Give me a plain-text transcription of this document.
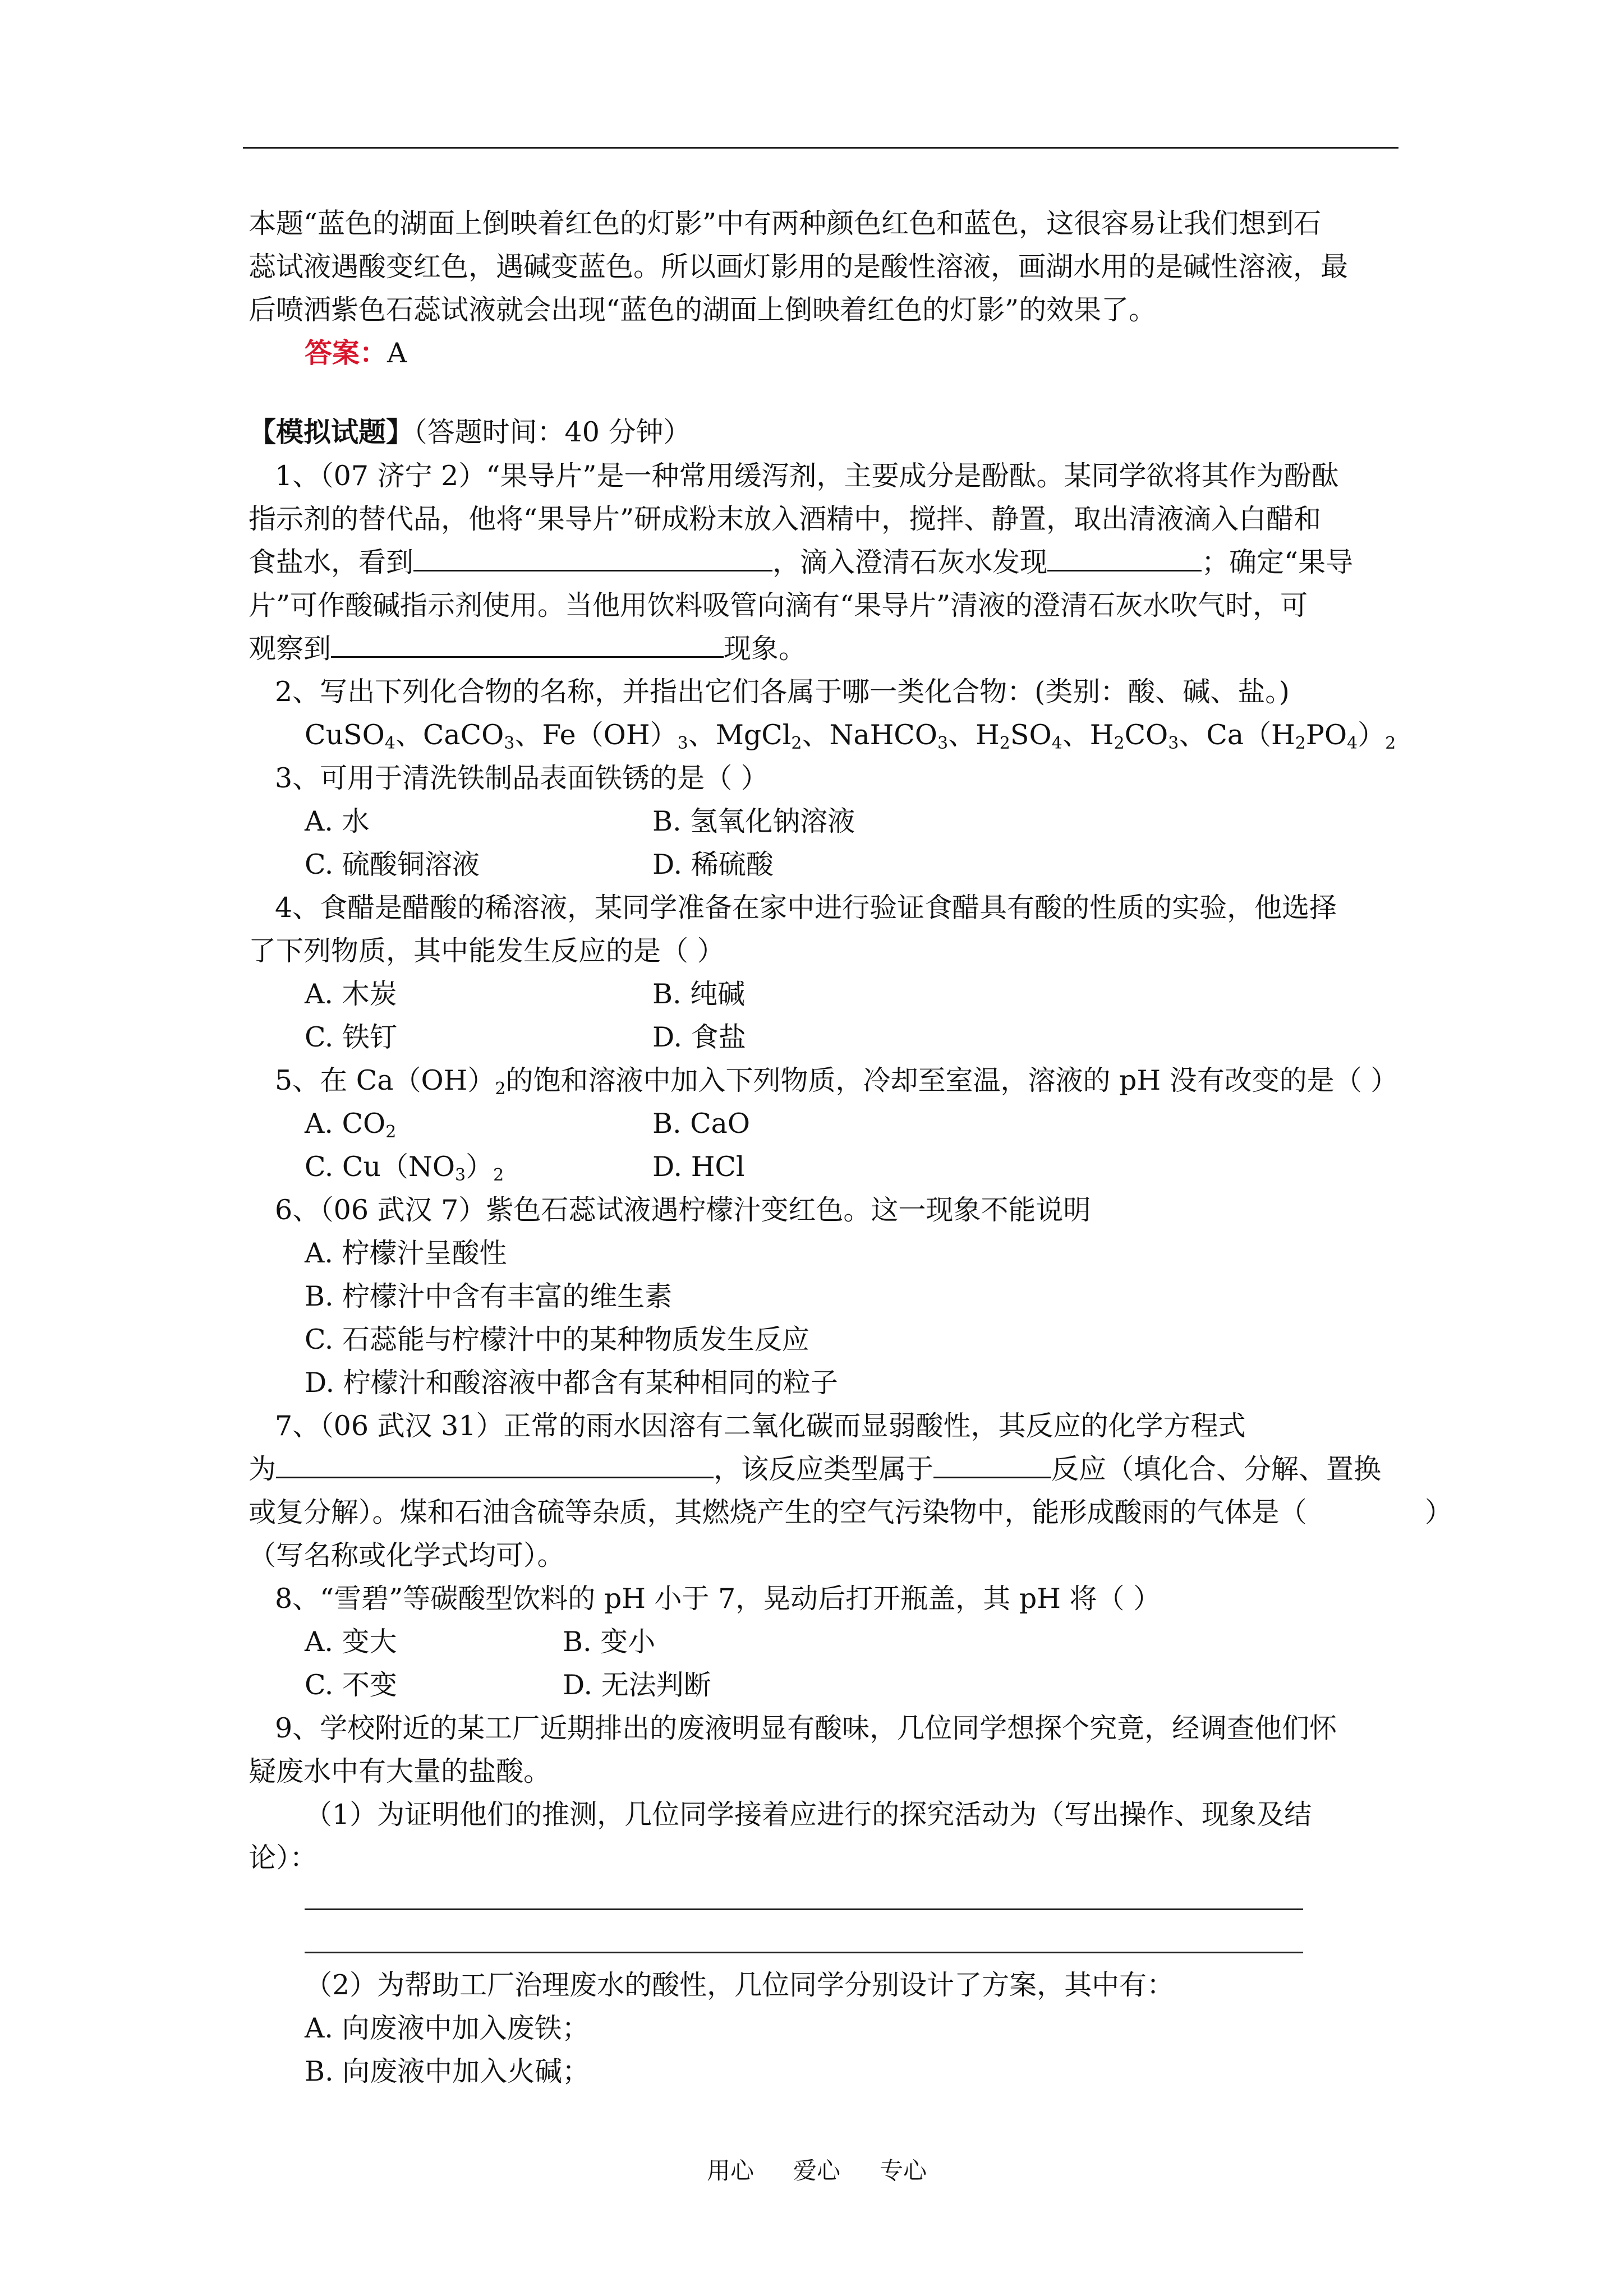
本题“蓝色的湖面上倒映着红色的灯影”中有两种颜色红色和蓝色，这很容易让我们想到石
蕊试液遇酸变红色，遇碱变蓝色。所以画灯影用的是酸性溶液，画湖水用的是碱性溶液，最
后喷洒紫色石蕊试液就会出现“蓝色的湖面上倒映着红色的灯影”的效果了。
答案：A
【模拟试题】（答题时间：40 分钟）
1、（07 济宁 2）“果导片”是一种常用缓泻剂，主要成分是酚酞。某同学欲将其作为酚酞
指示剂的替代品，他将“果导片”研成粉末放入酒精中，搅拌、静置，取出清液滴入白醋和
食盐水，看到	，滴入澄清石灰水发现	；确定“果导
片”可作酸碱指示剂使用。当他用饮料吸管向滴有“果导片”清液的澄清石灰水吹气时，可
观察到	现象。
2、写出下列化合物的名称，并指出它们各属于哪一类化合物：(类别：酸、碱、盐。)
CuSO$_4$、CaCO$_3$、$Fe(OH)_3$、MgCl$_2$、NaHCO$_3$、$H_2SO_4$、$H_2CO_3$、$Ca(H_2PO_4)_2$
3、可用于清洗铁制品表面铁锈的是（ ）
A. 水	B. 氢氧化钠溶液
C. 硫酸铜溶液	D. 稀硫酸
4、食醋是醋酸的稀溶液，某同学准备在家中进行验证食醋具有酸的性质的实验，他选择
了下列物质，其中能发生反应的是（ ）
A. 木炭	B. 纯碱
C. 铁钉	D. 食盐
5、在 $Ca(OH)_2$的饱和溶液中加入下列物质，冷却至室温，溶液的 pH 没有改变的是（ ）
A. $CO_2$	B. CaO
C. $Cu(NO_3)_2$	D. HCl
6、（06 武汉 7）紫色石蕊试液遇柠檬汁变红色。这一现象不能说明
A. 柠檬汁呈酸性
B. 柠檬汁中含有丰富的维生素
C. 石蕊能与柠檬汁中的某种物质发生反应
D. 柠檬汁和酸溶液中都含有某种相同的粒子
7、（06 武汉 31）正常的雨水因溶有二氧化碳而显弱酸性，其反应的化学方程式
为	，该反应类型属于	反应（填化合、分解、置换
或复分解）。煤和石油含硫等杂质，其燃烧产生的空气污染物中，能形成酸雨的气体是（	）
（写名称或化学式均可）。
8、“雪碧”等碳酸型饮料的 pH 小于 7，晃动后打开瓶盖，其 pH 将（ ）
A. 变大	B. 变小
C. 不变	D. 无法判断
9、学校附近的某工厂近期排出的废液明显有酸味，几位同学想探个究竟，经调查他们怀
疑废水中有大量的盐酸。
（1）为证明他们的推测，几位同学接着应进行的探究活动为（写出操作、现象及结
论）：
（2）为帮助工厂治理废水的酸性，几位同学分别设计了方案，其中有：
A. 向废液中加入废铁；
B. 向废液中加入火碱；
用心 爱心 专心
